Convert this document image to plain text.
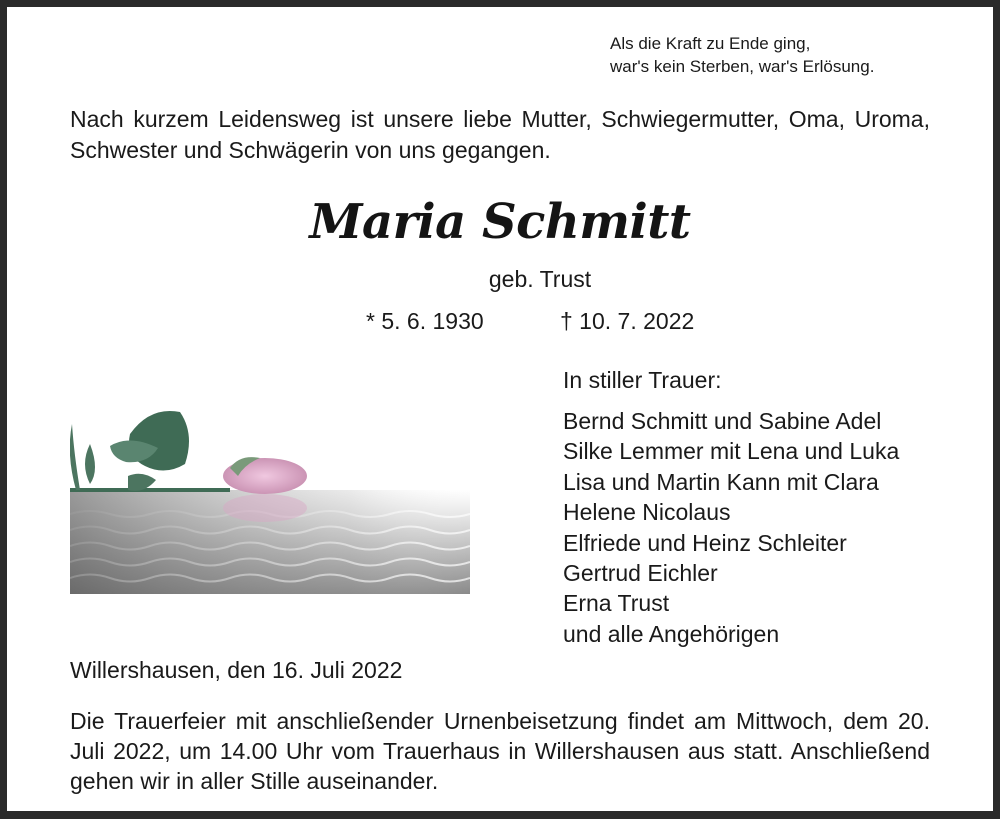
Als die Kraft zu Ende ging,
war's kein Sterben, war's Erlösung.
Nach kurzem Leidensweg ist unsere liebe Mutter, Schwiegermutter, Oma, Uroma, Schwester und Schwägerin von uns gegangen.
Maria Schmitt
geb. Trust
* 5. 6. 1930	† 10. 7. 2022
In stiller Trauer:
Bernd Schmitt und Sabine Adel
Silke Lemmer mit Lena und Luka
Lisa und Martin Kann mit Clara
Helene Nicolaus
Elfriede und Heinz Schleiter
Gertrud Eichler
Erna Trust
und alle Angehörigen
Willershausen, den 16. Juli 2022
Die Trauerfeier mit anschließender Urnenbeisetzung findet am Mittwoch, dem 20. Juli 2022, um 14.00 Uhr vom Trauerhaus in Willershausen aus statt. Anschließend gehen wir in aller Stille auseinander.
